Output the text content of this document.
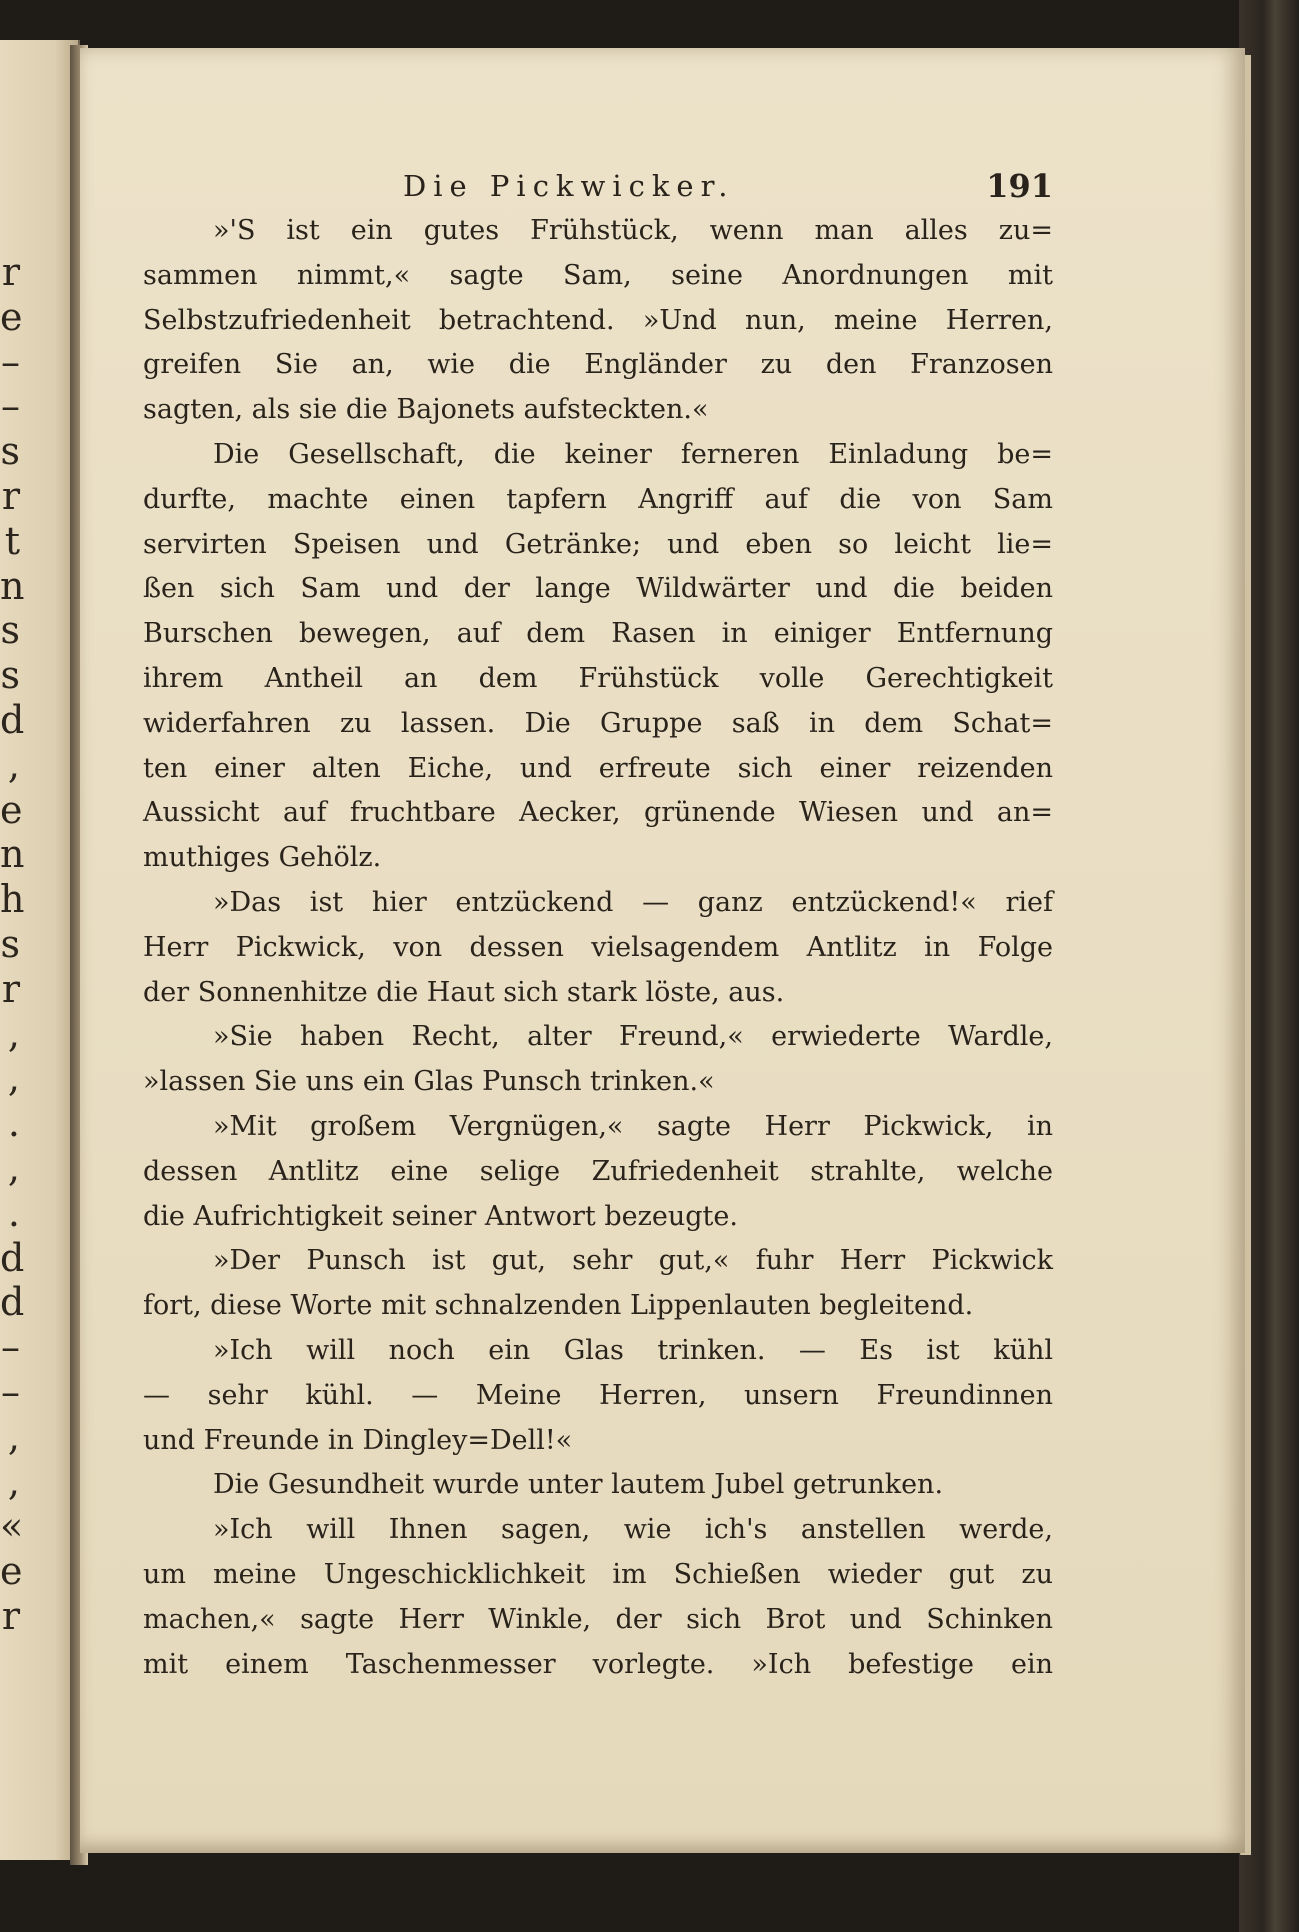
r
e
–
–
s
r
t
n
s
s
d
,
e
n
h
s
r
,
,
.
,
.
d
d
–
–
,
,
«
e
r
Die Pickwicker.	191
»'S ist ein gutes Frühstück, wenn man alles zu=
sammen nimmt,« sagte Sam, seine Anordnungen mit
Selbstzufriedenheit betrachtend. »Und nun, meine Herren,
greifen Sie an, wie die Engländer zu den Franzosen
sagten, als sie die Bajonets aufsteckten.«
Die Gesellschaft, die keiner ferneren Einladung be=
durfte, machte einen tapfern Angriff auf die von Sam
servirten Speisen und Getränke; und eben so leicht lie=
ßen sich Sam und der lange Wildwärter und die beiden
Burschen bewegen, auf dem Rasen in einiger Entfernung
ihrem Antheil an dem Frühstück volle Gerechtigkeit
widerfahren zu lassen. Die Gruppe saß in dem Schat=
ten einer alten Eiche, und erfreute sich einer reizenden
Aussicht auf fruchtbare Aecker, grünende Wiesen und an=
muthiges Gehölz.
»Das ist hier entzückend — ganz entzückend!« rief
Herr Pickwick, von dessen vielsagendem Antlitz in Folge
der Sonnenhitze die Haut sich stark löste, aus.
»Sie haben Recht, alter Freund,« erwiederte Wardle,
»lassen Sie uns ein Glas Punsch trinken.«
»Mit großem Vergnügen,« sagte Herr Pickwick, in
dessen Antlitz eine selige Zufriedenheit strahlte, welche
die Aufrichtigkeit seiner Antwort bezeugte.
»Der Punsch ist gut, sehr gut,« fuhr Herr Pickwick
fort, diese Worte mit schnalzenden Lippenlauten begleitend.
»Ich will noch ein Glas trinken. — Es ist kühl
— sehr kühl. — Meine Herren, unsern Freundinnen
und Freunde in Dingley=Dell!«
Die Gesundheit wurde unter lautem Jubel getrunken.
»Ich will Ihnen sagen, wie ich's anstellen werde,
um meine Ungeschicklichkeit im Schießen wieder gut zu
machen,« sagte Herr Winkle, der sich Brot und Schinken
mit einem Taschenmesser vorlegte. »Ich befestige ein
